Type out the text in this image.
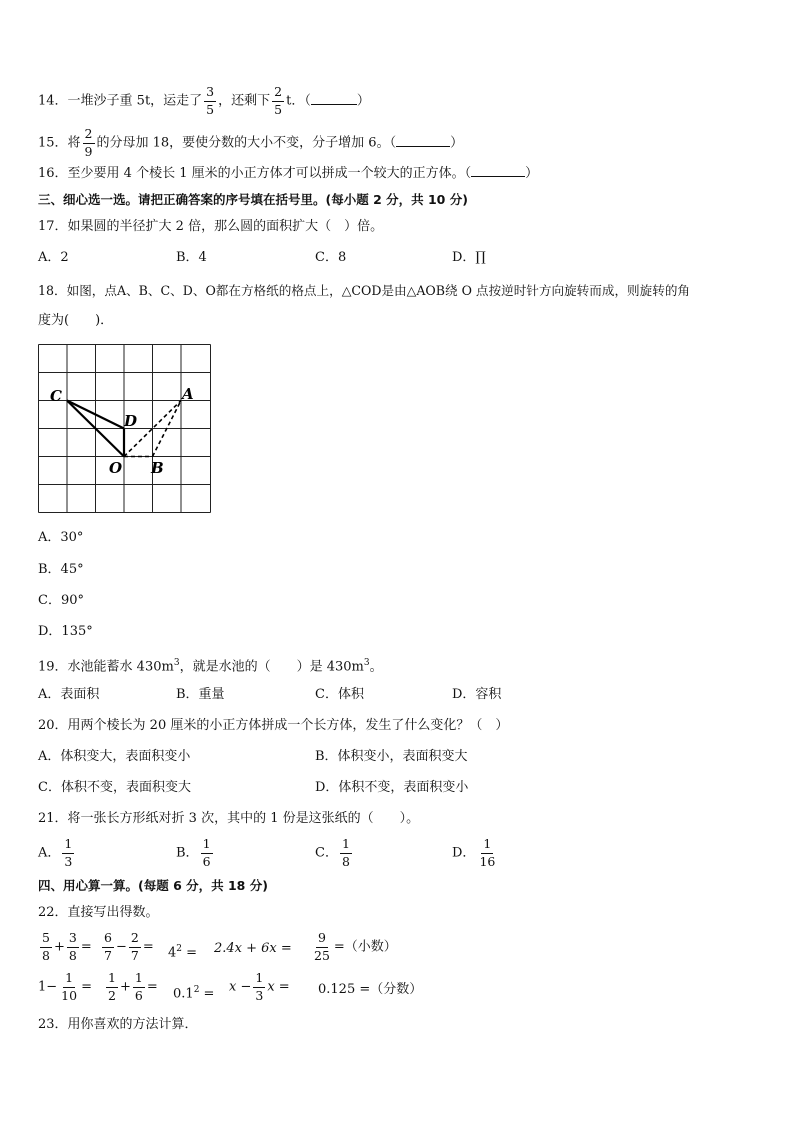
14．一堆沙子重 5t，运走了 $\frac{3}{5}$ ，还剩下 $\frac{2}{5}$ t．（	）
15．将 $\frac{2}{9}$ 的分母加 18，要使分数的大小不变，分子增加 6。（	）
16．至少要用 4 个棱长 1 厘米的小正方体才可以拼成一个较大的正方体。（	）
三、细心选一选。请把正确答案的序号填在括号里。(每小题 2 分，共 10 分)
17．如果圆的半径扩大 2 倍，那么圆的面积扩大（　）倍。
A．2	B．4	C．8	D．∏
18．如图，点A、B、C、D、O都在方格纸的格点上，△COD是由△AOB绕 O 点按逆时针方向旋转而成，则旋转的角
度为(　　)．
C
D
A
O B
A．30°
B．45°
C．90°
D．135°
19．水池能蓄水 $430m^3$，就是水池的（　　）是 $430m^3$。
A．表面积	B．重量	C．体积	D．容积
20．用两个棱长为 20 厘米的小正方体拼成一个长方体，发生了什么变化？（　）
A．体积变大，表面积变小	B．体积变小，表面积变大
C．体积不变，表面积变大	D．体积不变，表面积变小
21．将一张长方形纸对折 3 次，其中的 1 份是这张纸的（　　）。
A． $\frac{1}{3}$	B． $\frac{1}{6}$	C． $\frac{1}{8}$	D． $\frac{1}{16}$
四、用心算一算。(每题 6 分，共 18 分)
22．直接写出得数。
$\frac{5}{8} + \frac{3}{8} = \frac{6}{7} - \frac{2}{7} = 4^2 = 2.4x + 6x = \frac{9}{25}$ =（小数）
$1- \frac{1}{10} = \frac{1}{2} + \frac{1}{6} = 0.1^2 = x - \frac{1}{3}$ x = 0.125 =（分数）
23．用你喜欢的方法计算．
